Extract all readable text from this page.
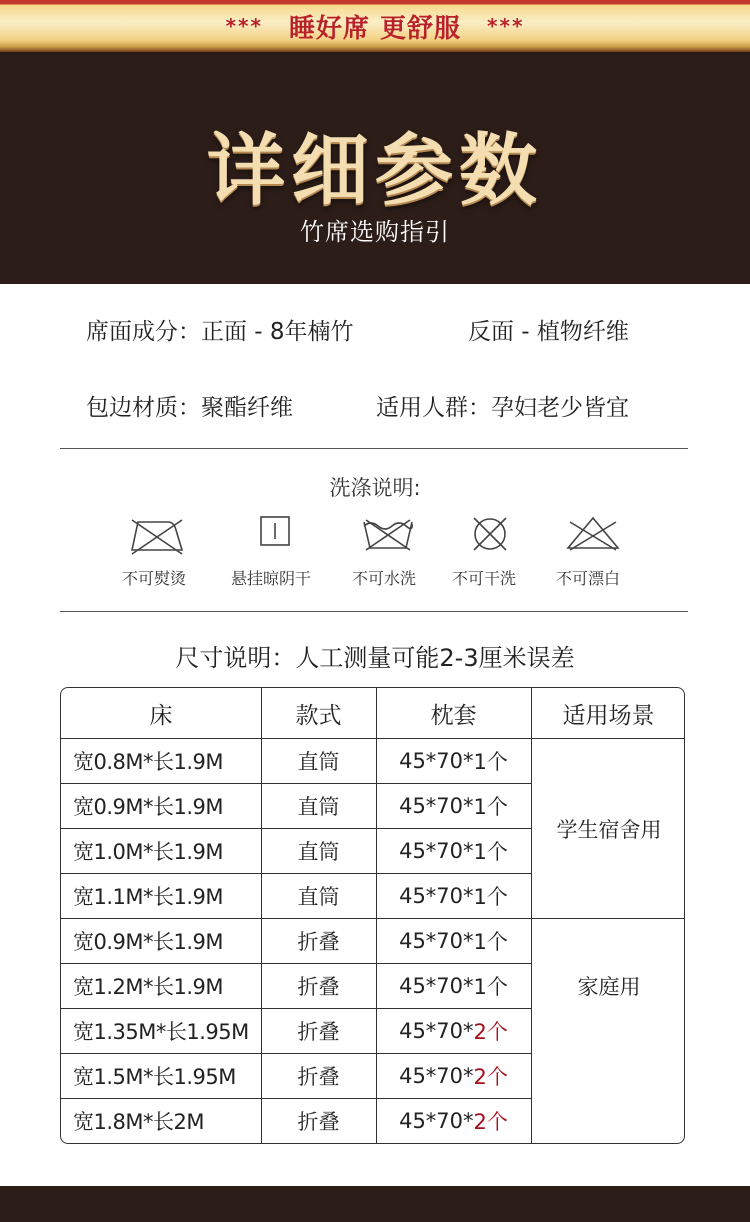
*** 睡好席 更舒服 ***
详细参数
竹席选购指引
席面成分：正面 - 8年楠竹	反面 - 植物纤维
包边材质：聚酯纤维	适用人群：孕妇老少皆宜
洗涤说明:
不可熨烫	悬挂晾阴干	不可水洗 不可干洗 不可漂白
尺寸说明：人工测量可能2-3厘米误差
床	款式	枕套	适用场景
宽0.8M*长1.9M	直筒	45*70* 1个
宽0.9M*长1.9M	直筒	45*70* 1个
宽1.0M*长1.9M	直筒	45*70* 1个
宽1.1M*长1.9M	直筒	45*70* 1个
学生宿舍用
宽0.9M*长1.9M	折叠	45*70* 1个
宽1.2M*长1.9M	折叠	45*70* 1个
宽1.35M*长1.95M	折叠	45*70* 2个
宽1.5M*长1.95M	折叠	45*70* 2个
宽1.8M*长2M	折叠	45*70* 2个
家庭用
